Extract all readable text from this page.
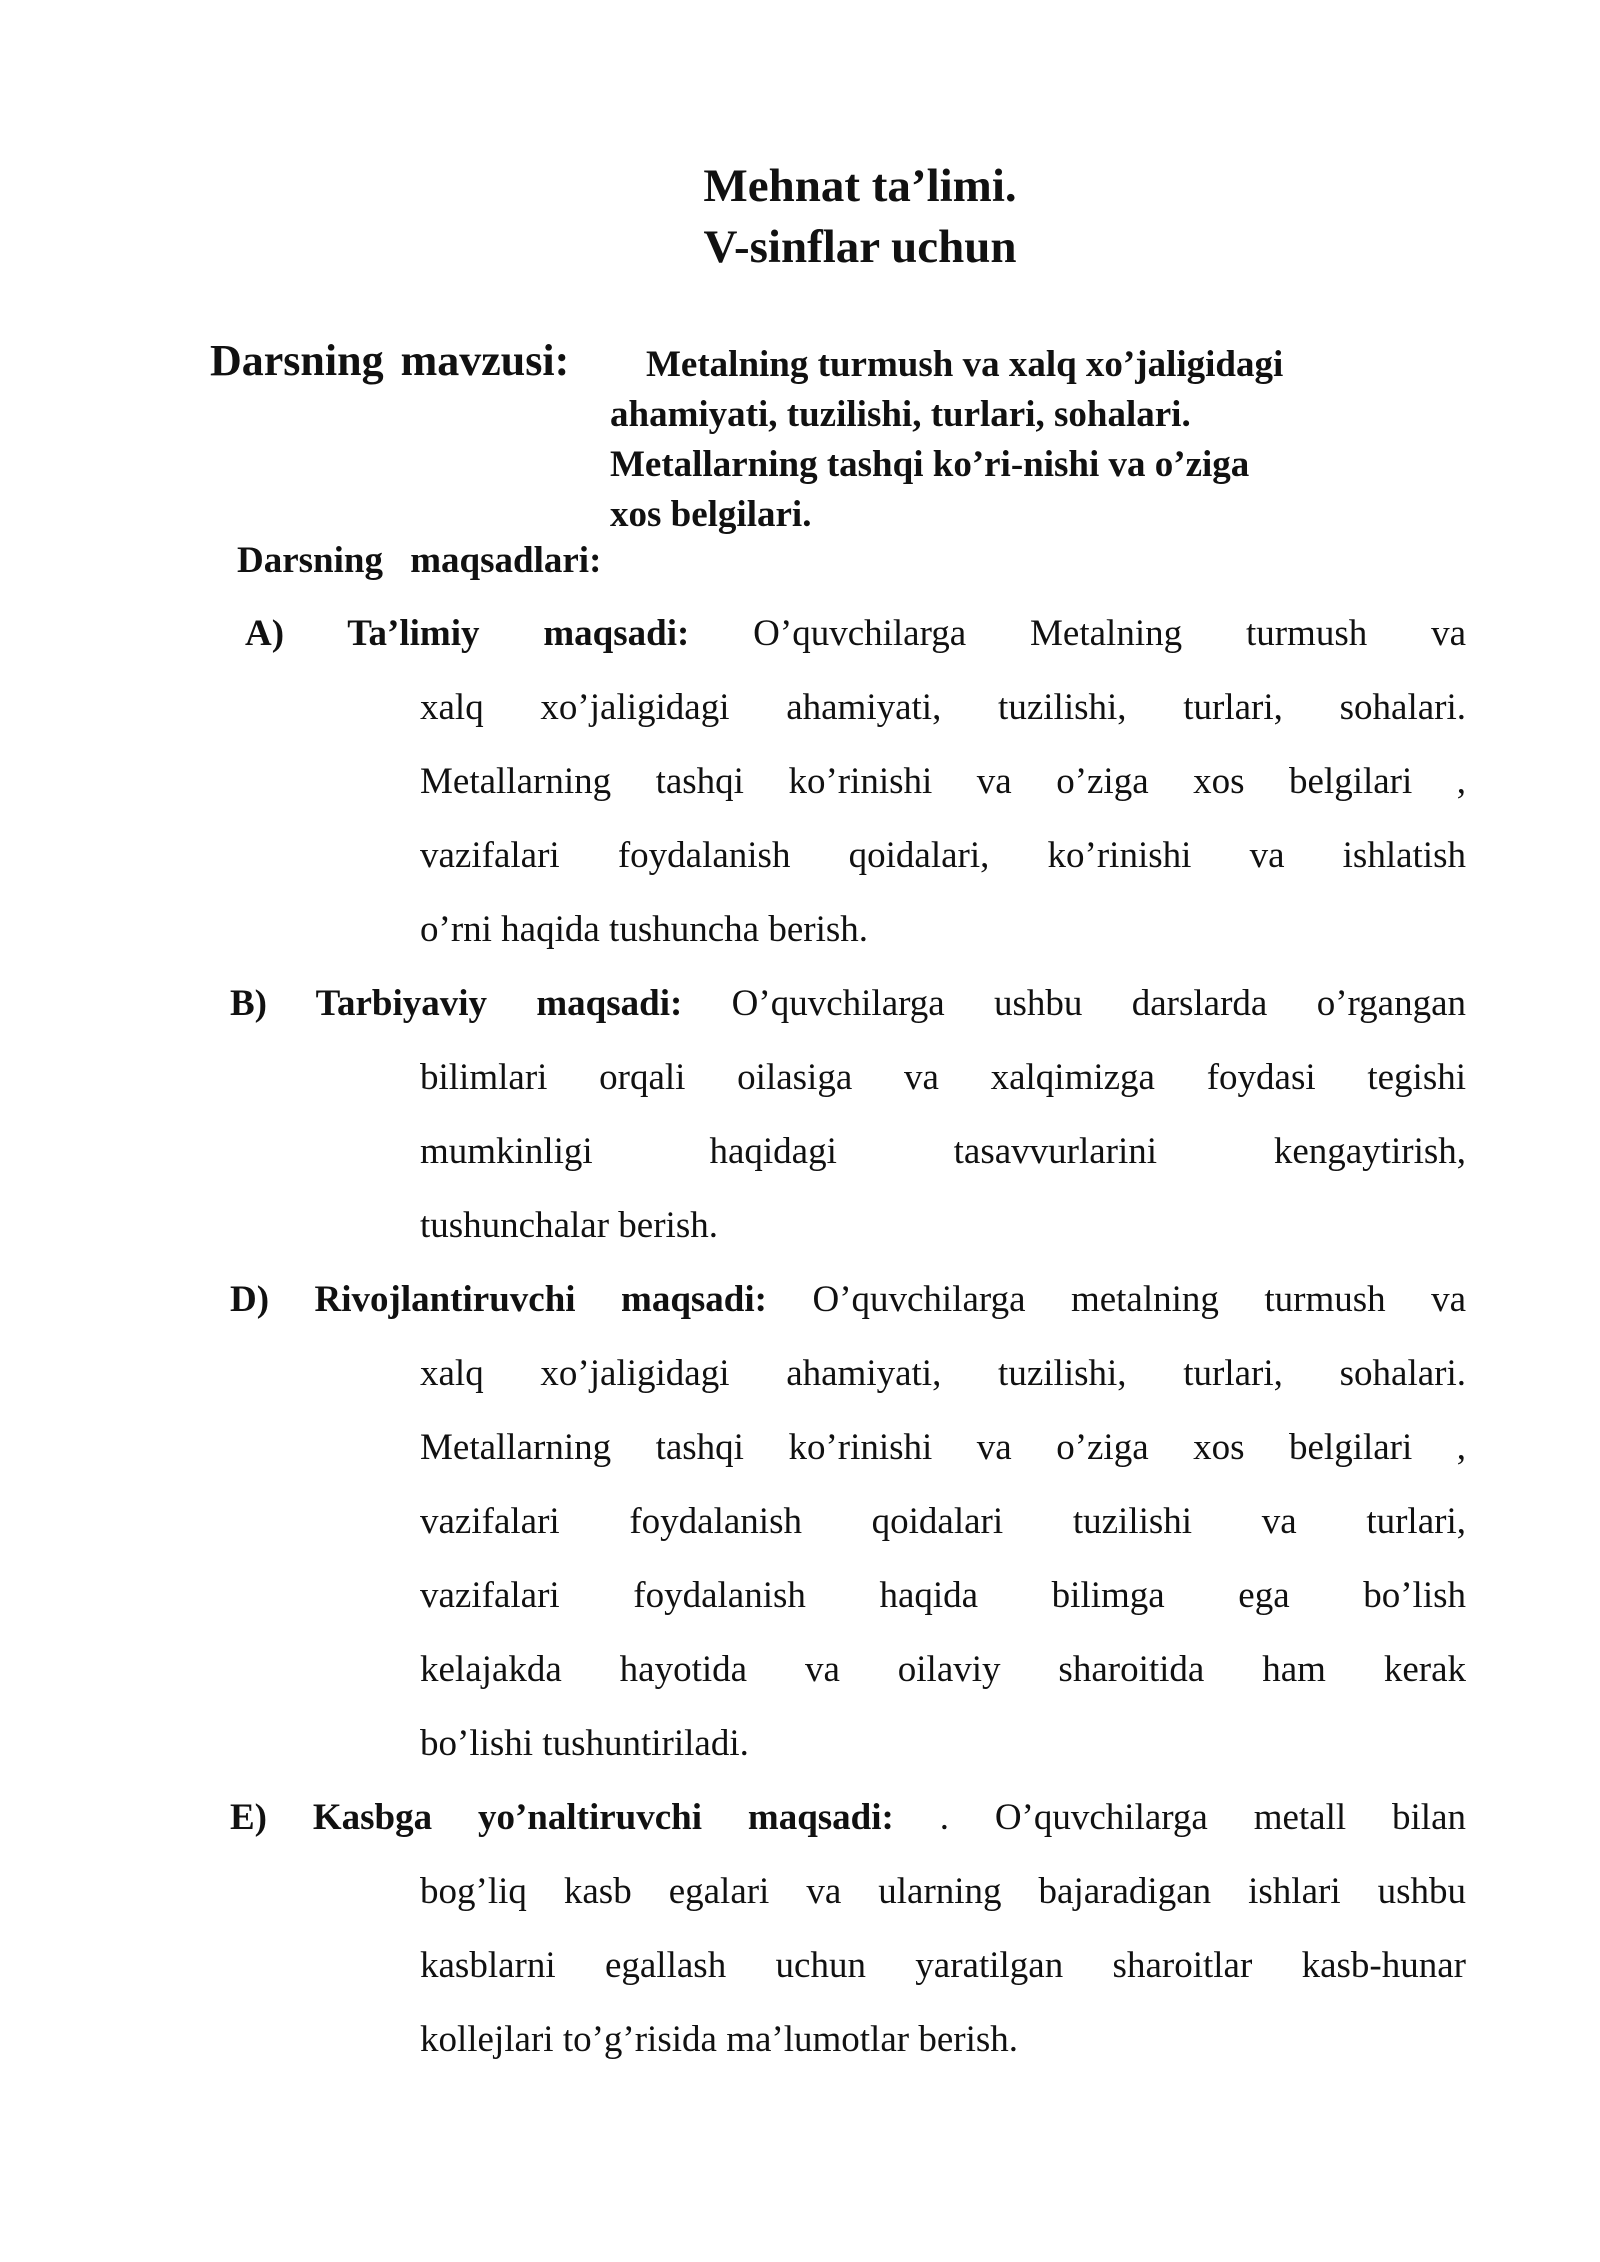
Mehnat ta’limi.
V-sinflar uchun
Darsning mavzusi: Metalning turmush va xalq xo’jaligidagi
ahamiyati, tuzilishi, turlari, sohalari.
Metallarning tashqi ko’ri-nishi va o’ziga
xos belgilari.
Darsning maqsadlari:
A) Ta’limiy maqsadi: O’quvchilarga Metalning turmush va
xalq xo’jaligidagi ahamiyati, tuzilishi, turlari, sohalari.
Metallarning tashqi ko’rinishi va o’ziga xos belgilari ,
vazifalari foydalanish qoidalari, ko’rinishi va ishlatish
o’rni haqida tushuncha berish.
B) Tarbiyaviy maqsadi: O’quvchilarga ushbu darslarda o’rgangan
bilimlari orqali oilasiga va xalqimizga foydasi tegishi
mumkinligi haqidagi tasavvurlarini kengaytirish,
tushunchalar berish.
D) Rivojlantiruvchi maqsadi: O’quvchilarga metalning turmush va
xalq xo’jaligidagi ahamiyati, tuzilishi, turlari, sohalari.
Metallarning tashqi ko’rinishi va o’ziga xos belgilari ,
vazifalari foydalanish qoidalari tuzilishi va turlari,
vazifalari foydalanish haqida bilimga ega bo’lish
kelajakda hayotida va oilaviy sharoitida ham kerak
bo’lishi tushuntiriladi.
E) Kasbga yo’naltiruvchi maqsadi: . O’quvchilarga metall bilan
bog’liq kasb egalari va ularning bajaradigan ishlari ushbu
kasblarni egallash uchun yaratilgan sharoitlar kasb-hunar
kollejlari to’g’risida ma’lumotlar berish.
